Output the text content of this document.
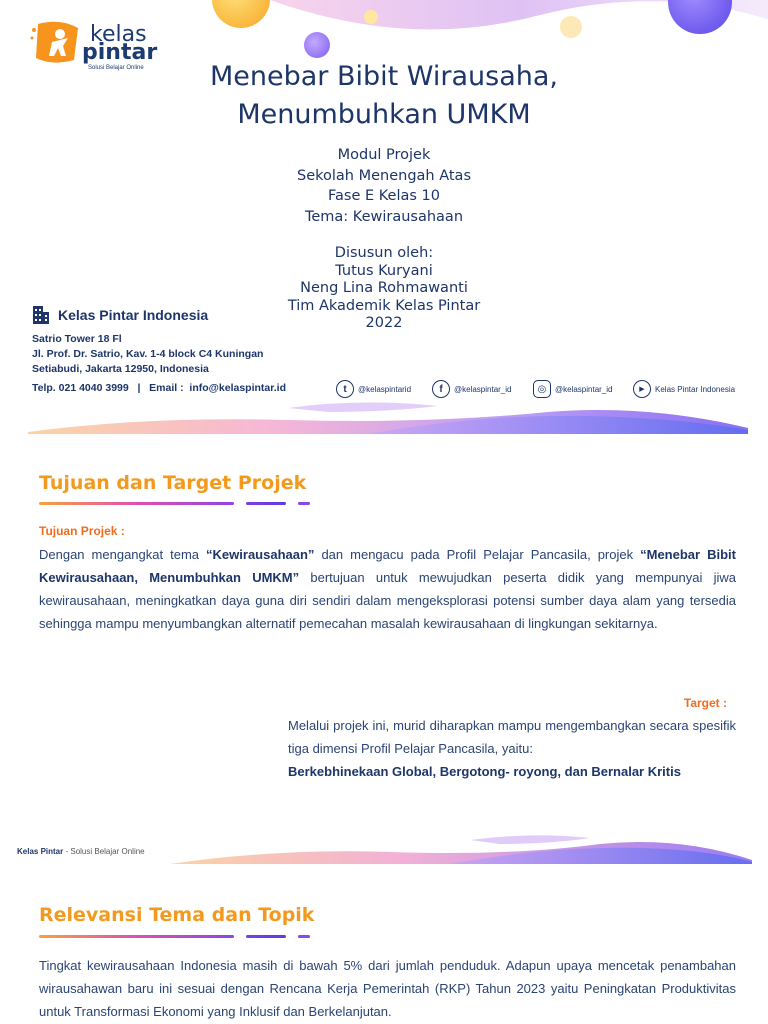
kelas
pintar
Solusi Belajar Online	Menebar Bibit Wirausaha,
Menumbuhkan UMKM
Modul Projek
Sekolah Menengah Atas
Fase E Kelas 10
Tema: Kewirausahaan
Disusun oleh:
Tutus Kuryani
Neng Lina Rohmawanti
Tim Akademik Kelas Pintar
2022
Kelas Pintar Indonesia
Satrio Tower 18 Fl
Jl. Prof. Dr. Satrio, Kav. 1-4 block C4 Kuningan
Setiabudi, Jakarta 12950, Indonesia
Telp. 021 4040 3999   |   Email :  info@kelaspintar.id	t	@kelaspintarid	f	@kelaspintar_id	◎	@kelaspintar_id	▶	Kelas Pintar Indonesia
Tujuan dan Target Projek
Tujuan Projek :
Dengan mengangkat tema “Kewirausahaan” dan mengacu pada Profil Pelajar Pancasila, projek “Menebar Bibit Kewirausahaan, Menumbuhkan UMKM” bertujuan untuk mewujudkan peserta didik yang mempunyai jiwa kewirausahaan, meningkatkan daya guna diri sendiri dalam mengeksplorasi potensi sumber daya alam yang tersedia sehingga mampu menyumbangkan alternatif pemecahan masalah kewirausahaan di lingkungan sekitarnya.
Target :
Melalui projek ini, murid diharapkan mampu mengembangkan secara spesifik tiga dimensi Profil Pelajar Pancasila, yaitu:
Berkebhinekaan Global, Bergotong- royong, dan Bernalar Kritis
Kelas Pintar - Solusi Belajar Online
Relevansi Tema dan Topik
Tingkat kewirausahaan Indonesia masih di bawah 5% dari jumlah penduduk. Adapun upaya mencetak penambahan wirausahawan baru ini sesuai dengan Rencana Kerja Pemerintah (RKP) Tahun 2023 yaitu Peningkatan Produktivitas untuk Transformasi Ekonomi yang Inklusif dan Berkelanjutan.
